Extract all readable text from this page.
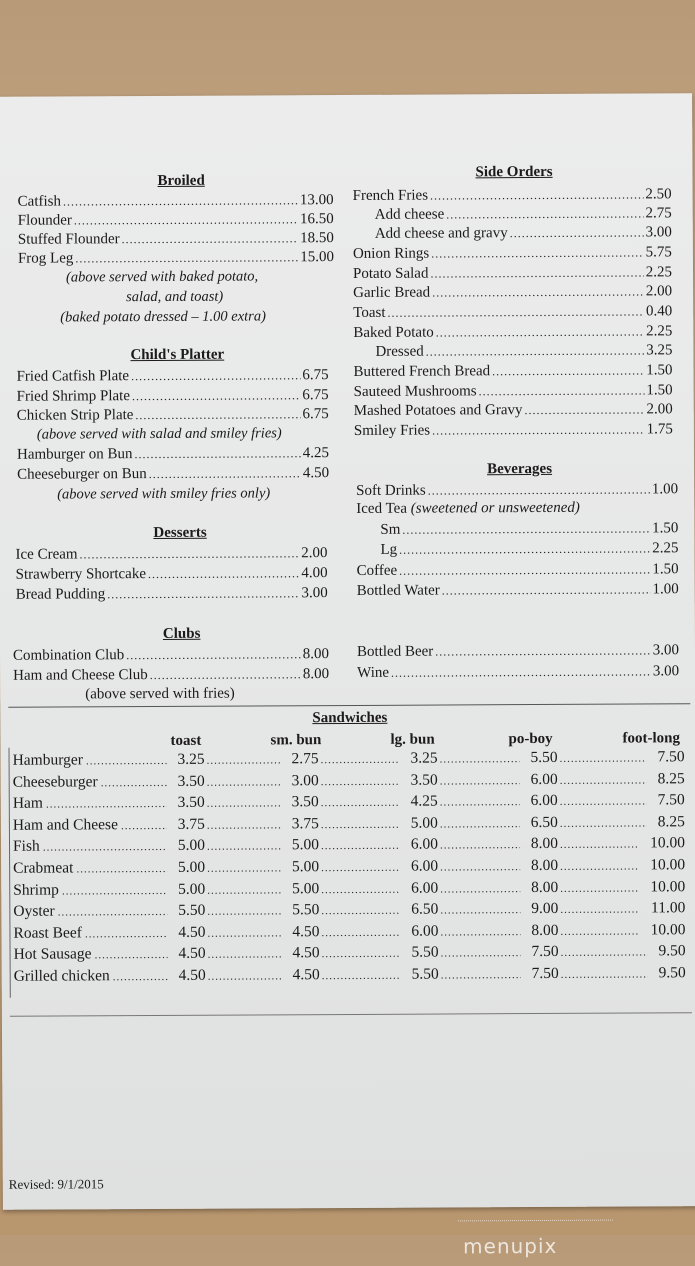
Broiled
Catfish .....	13.00
Flounder .....	16.50
Stuffed Flounder .....	18.50
Frog Leg .....	15.00
(above served with baked potato,
salad, and toast)
(baked potato dressed – 1.00 extra)
Child's Platter
Fried Catfish Plate .....	6.75
Fried Shrimp Plate .....	6.75
Chicken Strip Plate .....	6.75
(above served with salad and smiley fries)
Hamburger on Bun .....	4.25
Cheeseburger on Bun .....	4.50
(above served with smiley fries only)
Desserts
Ice Cream .....	2.00
Strawberry Shortcake .....	4.00
Bread Pudding .....	3.00
Clubs
Combination Club .....	8.00
Ham and Cheese Club .....	8.00
(above served with fries)
Side Orders
French Fries .....	2.50
Add cheese .....	2.75
Add cheese and gravy .....	3.00
Onion Rings .....	5.75
Potato Salad .....	2.25
Garlic Bread .....	2.00
Toast .....	0.40
Baked Potato .....	2.25
Dressed .....	3.25
Buttered French Bread .....	1.50
Sauteed Mushrooms .....	1.50
Mashed Potatoes and Gravy .....	2.00
Smiley Fries .....	1.75
Beverages
Soft Drinks .....	1.00
Iced Tea (sweetened or unsweetened)
Sm .....	1.50
Lg .....	2.25
Coffee .....	1.50
Bottled Water .....	1.00
Bottled Beer .....	3.00
Wine .....	3.00
Sandwiches
toast	sm. bun	lg. bun	po-boy	foot-long
Hamburger	3.25 .....	2.75 .....	3.25 .....	5.50 .....	7.50
.....
Cheeseburger	3.50 .....	3.00 .....	3.50 .....	6.00 .....	8.25
.....
Ham	3.50 .....	3.50 .....	4.25 .....	6.00 .....	7.50
.....
Ham and Cheese	3.75 .....	3.75 .....	5.00 .....	6.50 .....	8.25
.....
Fish	5.00 .....	5.00 .....	6.00 .....	8.00 .....	10.00
.....
Crabmeat	5.00 .....	5.00 .....	6.00 .....	8.00 .....	10.00
.....
Shrimp	5.00 .....	5.00 .....	6.00 .....	8.00 .....	10.00
.....
Oyster	5.50 .....	5.50 .....	6.50 .....	9.00 .....	11.00
.....
Roast Beef	4.50 .....	4.50 .....	6.00 .....	8.00 .....	10.00
.....
Hot Sausage	4.50 .....	4.50 .....	5.50 .....	7.50 .....	9.50
.....
Grilled chicken	4.50 .....	4.50 .....	5.50 .....	7.50 .....	9.50
.....
Revised: 9/1/2015
menupix
